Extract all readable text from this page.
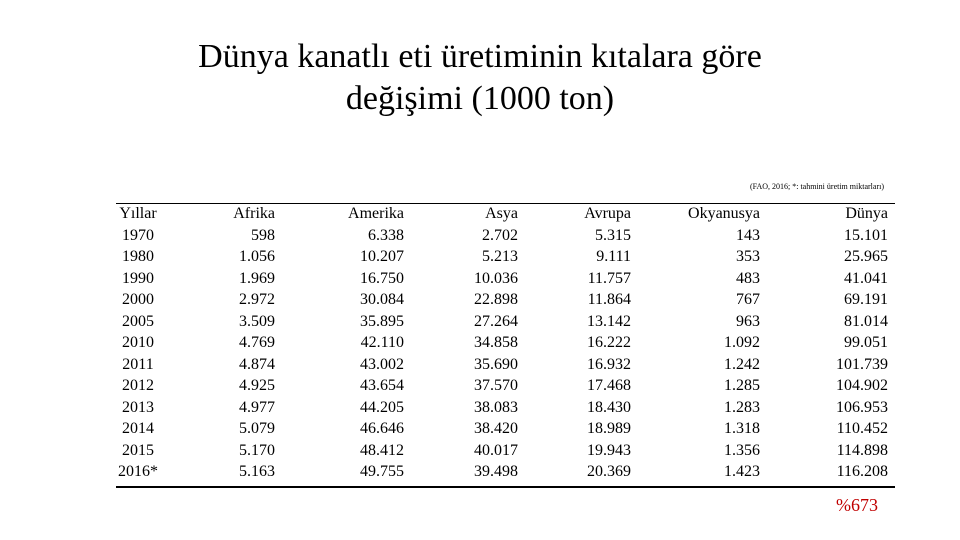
Dünya kanatlı eti üretiminin kıtalara göre
değişimi (1000 ton)
(FAO, 2016; *: tahmini üretim miktarları)
Yıllar
1970
1980
1990
2000
2005
2010
2011
2012
2013
2014
2015
2016*
Afrika
598
1.056
1.969
2.972
3.509
4.769
4.874
4.925
4.977
5.079
5.170
5.163
Amerika
6.338
10.207
16.750
30.084
35.895
42.110
43.002
43.654
44.205
46.646
48.412
49.755
Asya
2.702
5.213
10.036
22.898
27.264
34.858
35.690
37.570
38.083
38.420
40.017
39.498
Avrupa
5.315
9.111
11.757
11.864
13.142
16.222
16.932
17.468
18.430
18.989
19.943
20.369
Okyanusya
143
353
483
767
963
1.092
1.242
1.285
1.283
1.318
1.356
1.423
Dünya
15.101
25.965
41.041
69.191
81.014
99.051
101.739
104.902
106.953
110.452
114.898
116.208
%673
